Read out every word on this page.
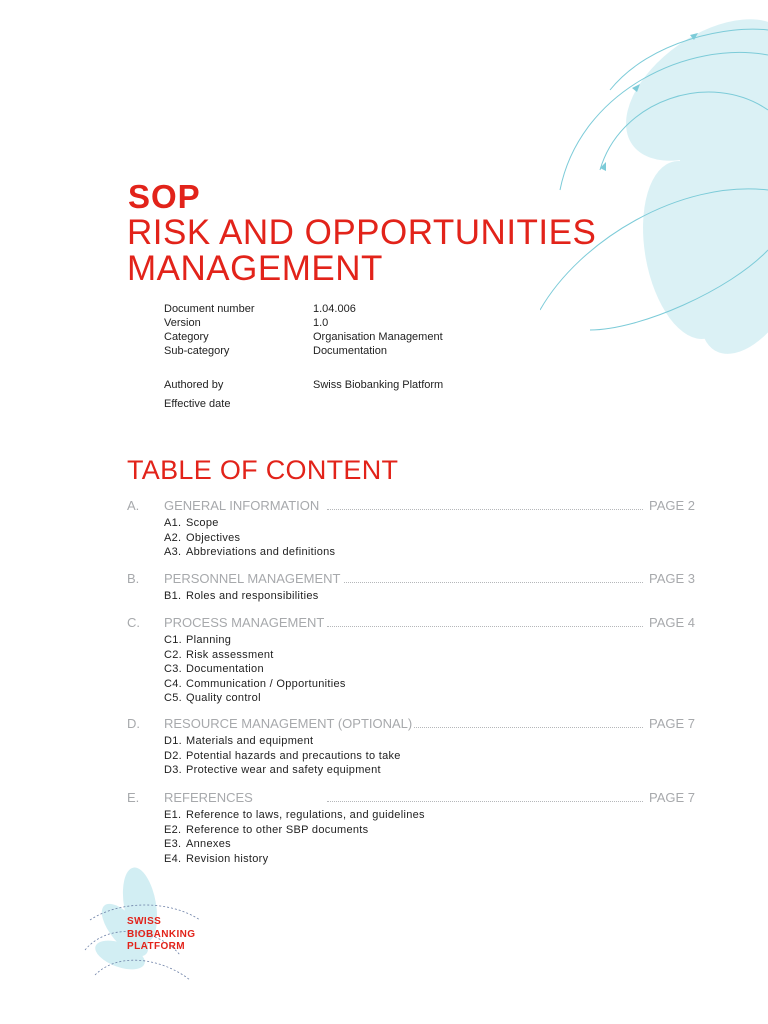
SOP
RISK AND OPPORTUNITIES
MANAGEMENT
Document number	1.04.006
Version	1.0
Category	Organisation Management
Sub-category	Documentation
Authored by	Swiss Biobanking Platform
Effective date
TABLE OF CONTENT
A. GENERAL INFORMATION	PAGE 2
A1. Scope
A2. Objectives
A3. Abbreviations and definitions
B. PERSONNEL MANAGEMENT	PAGE 3
B1. Roles and responsibilities
C. PROCESS MANAGEMENT	PAGE 4
C1. Planning
C2. Risk assessment
C3. Documentation
C4. Communication / Opportunities
C5. Quality control
D. RESOURCE MANAGEMENT (OPTIONAL)	PAGE 7
D1. Materials and equipment
D2. Potential hazards and precautions to take
D3. Protective wear and safety equipment
E. REFERENCES	PAGE 7
E1. Reference to laws, regulations, and guidelines
E2. Reference to other SBP documents
E3. Annexes
E4. Revision history
SWISS
BIOBANKING
PLATFORM
